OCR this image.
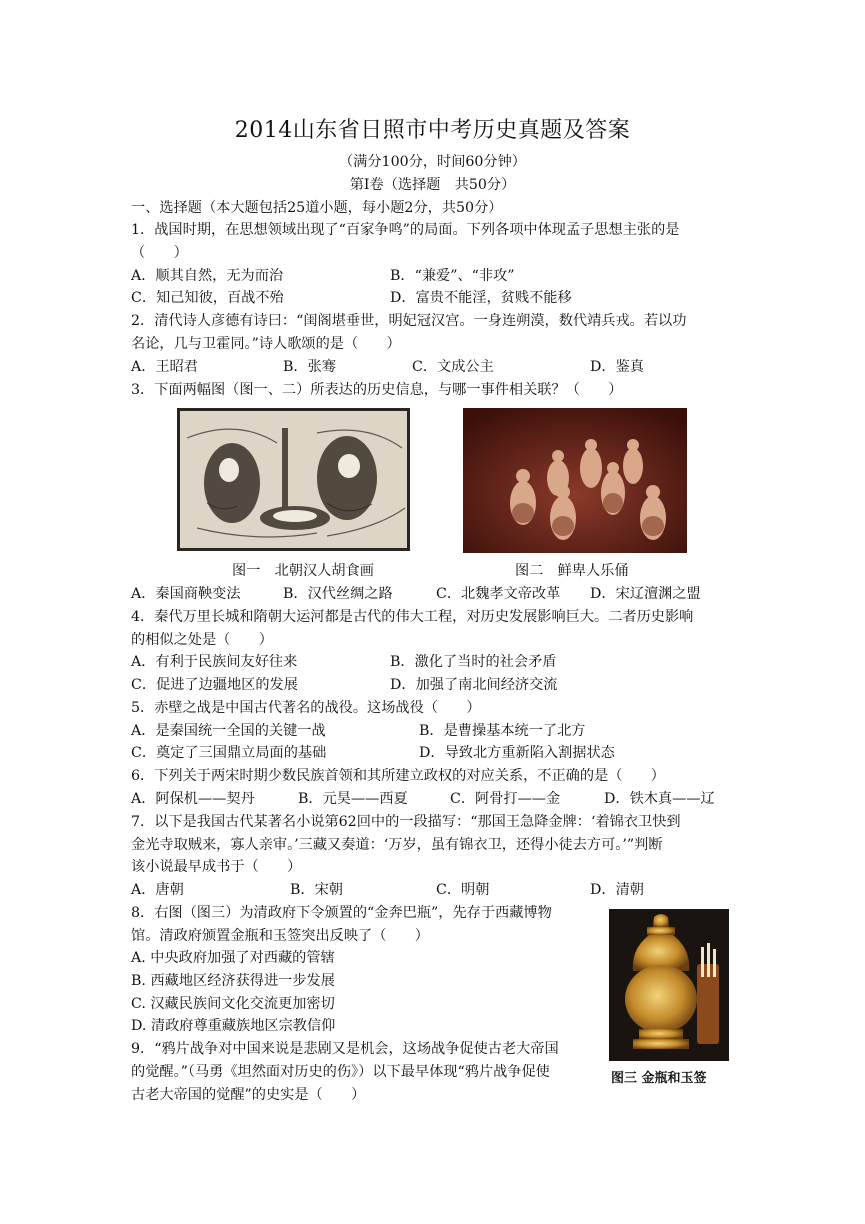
2014山东省日照市中考历史真题及答案
（满分100分，时间60分钟）
第Ⅰ卷（选择题　共50分）
一、选择题（本大题包括25道小题，每小题2分，共50分）
1．战国时期，在思想领域出现了“百家争鸣”的局面。下列各项中体现孟子思想主张的是
（　　）
A．顺其自然，无为而治	B．“兼爱”、“非攻”
C．知己知彼，百战不殆	D．富贵不能淫，贫贱不能移
2．清代诗人彦德有诗曰：“闺阁堪垂世，明妃冠汉宫。一身连朔漠，数代靖兵戎。若以功
名论，几与卫霍同。”诗人歌颂的是（　　）
A．王昭君	B．张骞	C．文成公主	D．鉴真
3．下面两幅图（图一、二）所表达的历史信息，与哪一事件相关联？（　　）
图一　北朝汉人胡食画	图二　鲜卑人乐俑
A．秦国商鞅变法	B．汉代丝绸之路	C．北魏孝文帝改革 D．宋辽澶渊之盟
4．秦代万里长城和隋朝大运河都是古代的伟大工程，对历史发展影响巨大。二者历史影响
的相似之处是（　　）
A．有利于民族间友好往来	B．激化了当时的社会矛盾
C．促进了边疆地区的发展	D．加强了南北间经济交流
5．赤壁之战是中国古代著名的战役。这场战役（　　）
A．是秦国统一全国的关键一战	B．是曹操基本统一了北方
C．奠定了三国鼎立局面的基础	D．导致北方重新陷入割据状态
6．下列关于两宋时期少数民族首领和其所建立政权的对应关系，不正确的是（　　）
A．阿保机——契丹	B．元昊——西夏	C．阿骨打——金	D．铁木真——辽
7．以下是我国古代某著名小说第62回中的一段描写：“那国王急降金牌：‘着锦衣卫快到
金光寺取贼来，寡人亲审。’三藏又奏道：‘万岁，虽有锦衣卫，还得小徒去方可。’”判断
该小说最早成书于（　　）
A．唐朝	B．宋朝	C．明朝	D．清朝
8．右图（图三）为清政府下令颁置的“金奔巴瓶”，先存于西藏博物
馆。清政府颁置金瓶和玉签突出反映了（　　）
A. 中央政府加强了对西藏的管辖
B. 西藏地区经济获得进一步发展
C. 汉藏民族间文化交流更加密切
D. 清政府尊重藏族地区宗教信仰
图三 金瓶和玉签
9．“鸦片战争对中国来说是悲剧又是机会，这场战争促使古老大帝国
的觉醒。”（马勇《坦然面对历史的伤》）以下最早体现“鸦片战争促使
古老大帝国的觉醒”的史实是（　　）
